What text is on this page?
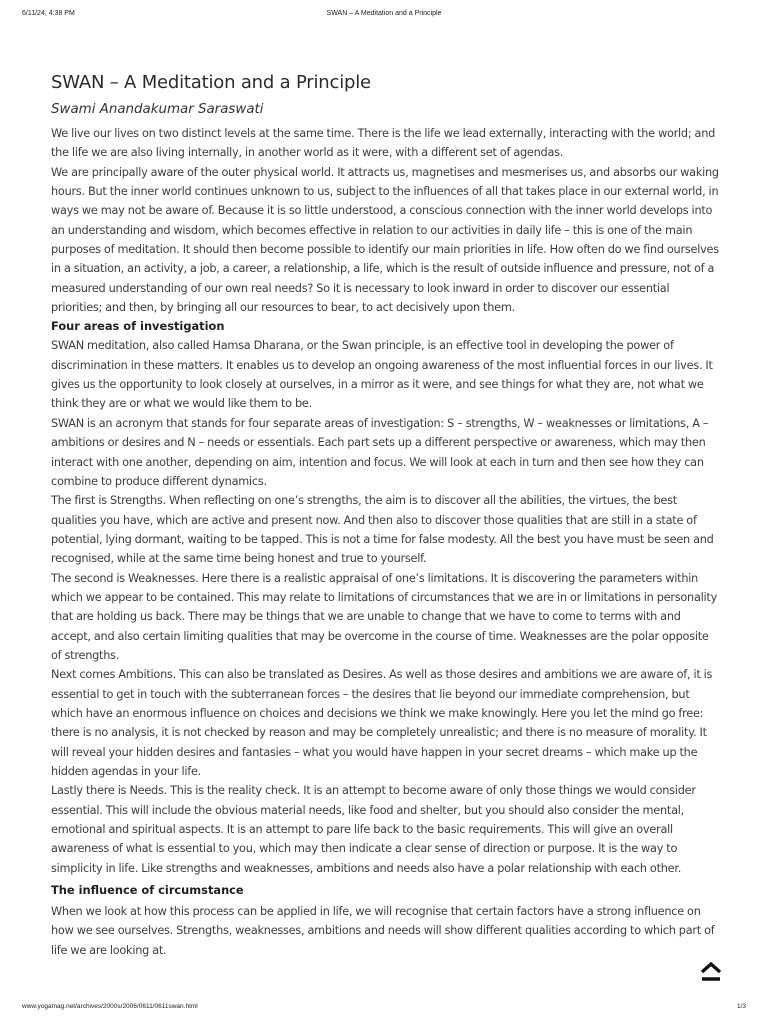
6/11/24, 4:38 PM	SWAN – A Meditation and a Principle
SWAN – A Meditation and a Principle
Swami Anandakumar Saraswati

We live our lives on two distinct levels at the same time. There is the life we lead externally, interacting with the world; and the life we are also living internally, in another world as it were, with a different set of agendas.

We are principally aware of the outer physical world. It attracts us, magnetises and mesmerises us, and absorbs our waking hours. But the inner world continues unknown to us, subject to the influences of all that takes place in our external world, in ways we may not be aware of. Because it is so little understood, a conscious connection with the inner world develops into an understanding and wisdom, which becomes effective in relation to our activities in daily life – this is one of the main purposes of meditation. It should then become possible to identify our main priorities in life. How often do we find ourselves in a situation, an activity, a job, a career, a relationship, a life, which is the result of outside influence and pressure, not of a measured understanding of our own real needs? So it is necessary to look inward in order to discover our essential priorities; and then, by bringing all our resources to bear, to act decisively upon them.

Four areas of investigation

SWAN meditation, also called Hamsa Dharana, or the Swan principle, is an effective tool in developing the power of discrimination in these matters. It enables us to develop an ongoing awareness of the most influential forces in our lives. It gives us the opportunity to look closely at ourselves, in a mirror as it were, and see things for what they are, not what we think they are or what we would like them to be.

SWAN is an acronym that stands for four separate areas of investigation: S – strengths, W – weaknesses or limitations, A – ambitions or desires and N – needs or essentials. Each part sets up a different perspective or awareness, which may then interact with one another, depending on aim, intention and focus. We will look at each in turn and then see how they can combine to produce different dynamics.

The first is Strengths. When reflecting on one’s strengths, the aim is to discover all the abilities, the virtues, the best qualities you have, which are active and present now. And then also to discover those qualities that are still in a state of potential, lying dormant, waiting to be tapped. This is not a time for false modesty. All the best you have must be seen and recognised, while at the same time being honest and true to yourself.

The second is Weaknesses. Here there is a realistic appraisal of one’s limitations. It is discovering the parameters within which we appear to be contained. This may relate to limitations of circumstances that we are in or limitations in personality that are holding us back. There may be things that we are unable to change that we have to come to terms with and accept, and also certain limiting qualities that may be overcome in the course of time. Weaknesses are the polar opposite of strengths.

Next comes Ambitions. This can also be translated as Desires. As well as those desires and ambitions we are aware of, it is essential to get in touch with the subterranean forces – the desires that lie beyond our immediate comprehension, but which have an enormous influence on choices and decisions we think we make knowingly. Here you let the mind go free: there is no analysis, it is not checked by reason and may be completely unrealistic; and there is no measure of morality. It will reveal your hidden desires and fantasies – what you would have happen in your secret dreams – which make up the hidden agendas in your life.

Lastly there is Needs. This is the reality check. It is an attempt to become aware of only those things we would consider essential. This will include the obvious material needs, like food and shelter, but you should also consider the mental, emotional and spiritual aspects. It is an attempt to pare life back to the basic requirements. This will give an overall awareness of what is essential to you, which may then indicate a clear sense of direction or purpose. It is the way to simplicity in life. Like strengths and weaknesses, ambitions and needs also have a polar relationship with each other.

The influence of circumstance

When we look at how this process can be applied in life, we will recognise that certain factors have a strong influence on how we see ourselves. Strengths, weaknesses, ambitions and needs will show different qualities according to which part of life we are looking at.

www.yogamag.net/archives/2000s/2006/0611/0611swan.html	1/3
